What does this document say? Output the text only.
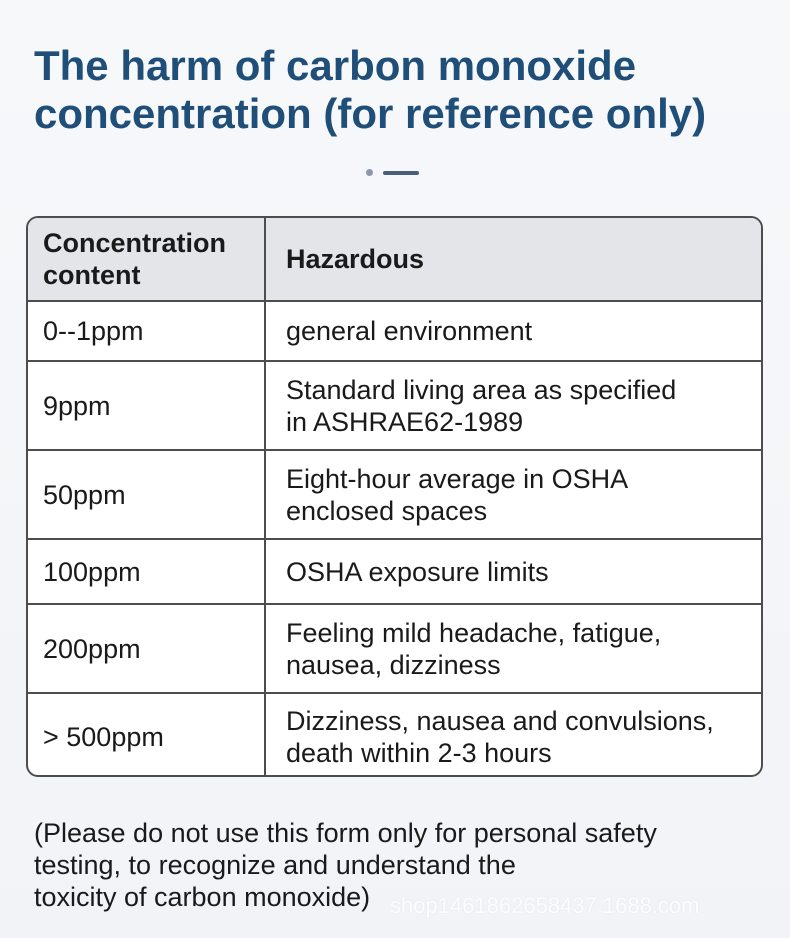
The harm of carbon monoxide
concentration (for reference only)
Concentration
content	Hazardous
0--1ppm	general environment
9ppm	Standard living area as specified
in ASHRAE62-1989
50ppm	Eight-hour average in OSHA
enclosed spaces
100ppm	OSHA exposure limits
200ppm	Feeling mild headache, fatigue,
nausea, dizziness
> 500ppm	Dizziness, nausea and convulsions,
death within 2-3 hours
(Please do not use this form only for personal safety
testing, to recognize and understand the
toxicity of carbon monoxide) shop1461862658437.1688.com
